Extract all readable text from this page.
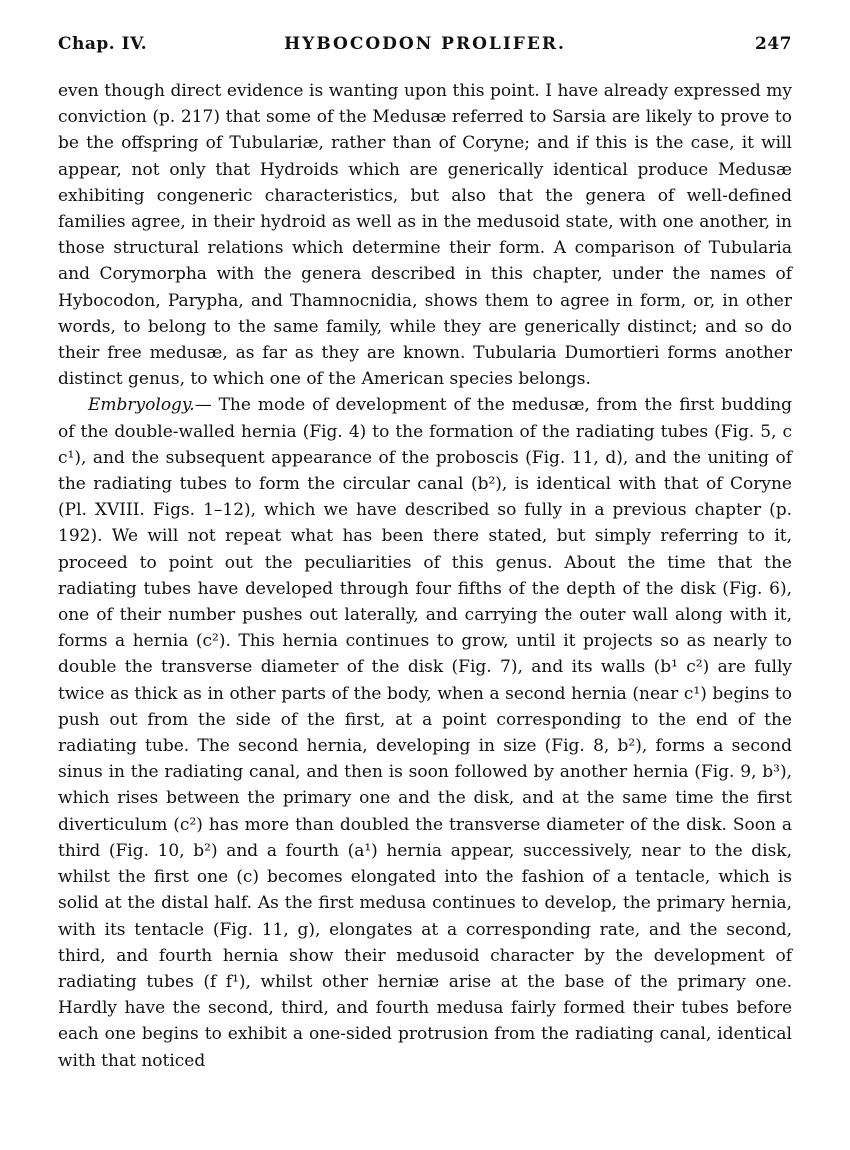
Chap. IV.	HYBOCODON PROLIFER.	247

even though direct evidence is wanting upon this point. I have already expressed my conviction (p. 217) that some of the Medusæ referred to Sarsia are likely to prove to be the offspring of Tubulariæ, rather than of Coryne; and if this is the case, it will appear, not only that Hydroids which are generically identical produce Medusæ exhibiting congeneric characteristics, but also that the genera of well-defined families agree, in their hydroid as well as in the medusoid state, with one another, in those structural relations which determine their form. A comparison of Tubularia and Corymorpha with the genera described in this chapter, under the names of Hybocodon, Parypha, and Thamnocnidia, shows them to agree in form, or, in other words, to belong to the same family, while they are generically distinct; and so do their free medusæ, as far as they are known. Tubularia Dumortieri forms another distinct genus, to which one of the American species belongs.

Embryology.— The mode of development of the medusæ, from the first budding of the double-walled hernia (Fig. 4) to the formation of the radiating tubes (Fig. 5, c c¹), and the subsequent appearance of the proboscis (Fig. 11, d), and the uniting of the radiating tubes to form the circular canal (b²), is identical with that of Coryne (Pl. XVIII. Figs. 1–12), which we have described so fully in a previous chapter (p. 192). We will not repeat what has been there stated, but simply referring to it, proceed to point out the peculiarities of this genus. About the time that the radiating tubes have developed through four fifths of the depth of the disk (Fig. 6), one of their number pushes out laterally, and carrying the outer wall along with it, forms a hernia (c²). This hernia continues to grow, until it projects so as nearly to double the transverse diameter of the disk (Fig. 7), and its walls (b¹ c²) are fully twice as thick as in other parts of the body, when a second hernia (near c¹) begins to push out from the side of the first, at a point corresponding to the end of the radiating tube. The second hernia, developing in size (Fig. 8, b²), forms a second sinus in the radiating canal, and then is soon followed by another hernia (Fig. 9, b³), which rises between the primary one and the disk, and at the same time the first diverticulum (c²) has more than doubled the transverse diameter of the disk. Soon a third (Fig. 10, b²) and a fourth (a¹) hernia appear, successively, near to the disk, whilst the first one (c) becomes elongated into the fashion of a tentacle, which is solid at the distal half. As the first medusa continues to develop, the primary hernia, with its tentacle (Fig. 11, g), elongates at a corresponding rate, and the second, third, and fourth hernia show their medusoid character by the development of radiating tubes (f f¹), whilst other herniæ arise at the base of the primary one. Hardly have the second, third, and fourth medusa fairly formed their tubes before each one begins to exhibit a one-sided protrusion from the radiating canal, identical with that noticed
